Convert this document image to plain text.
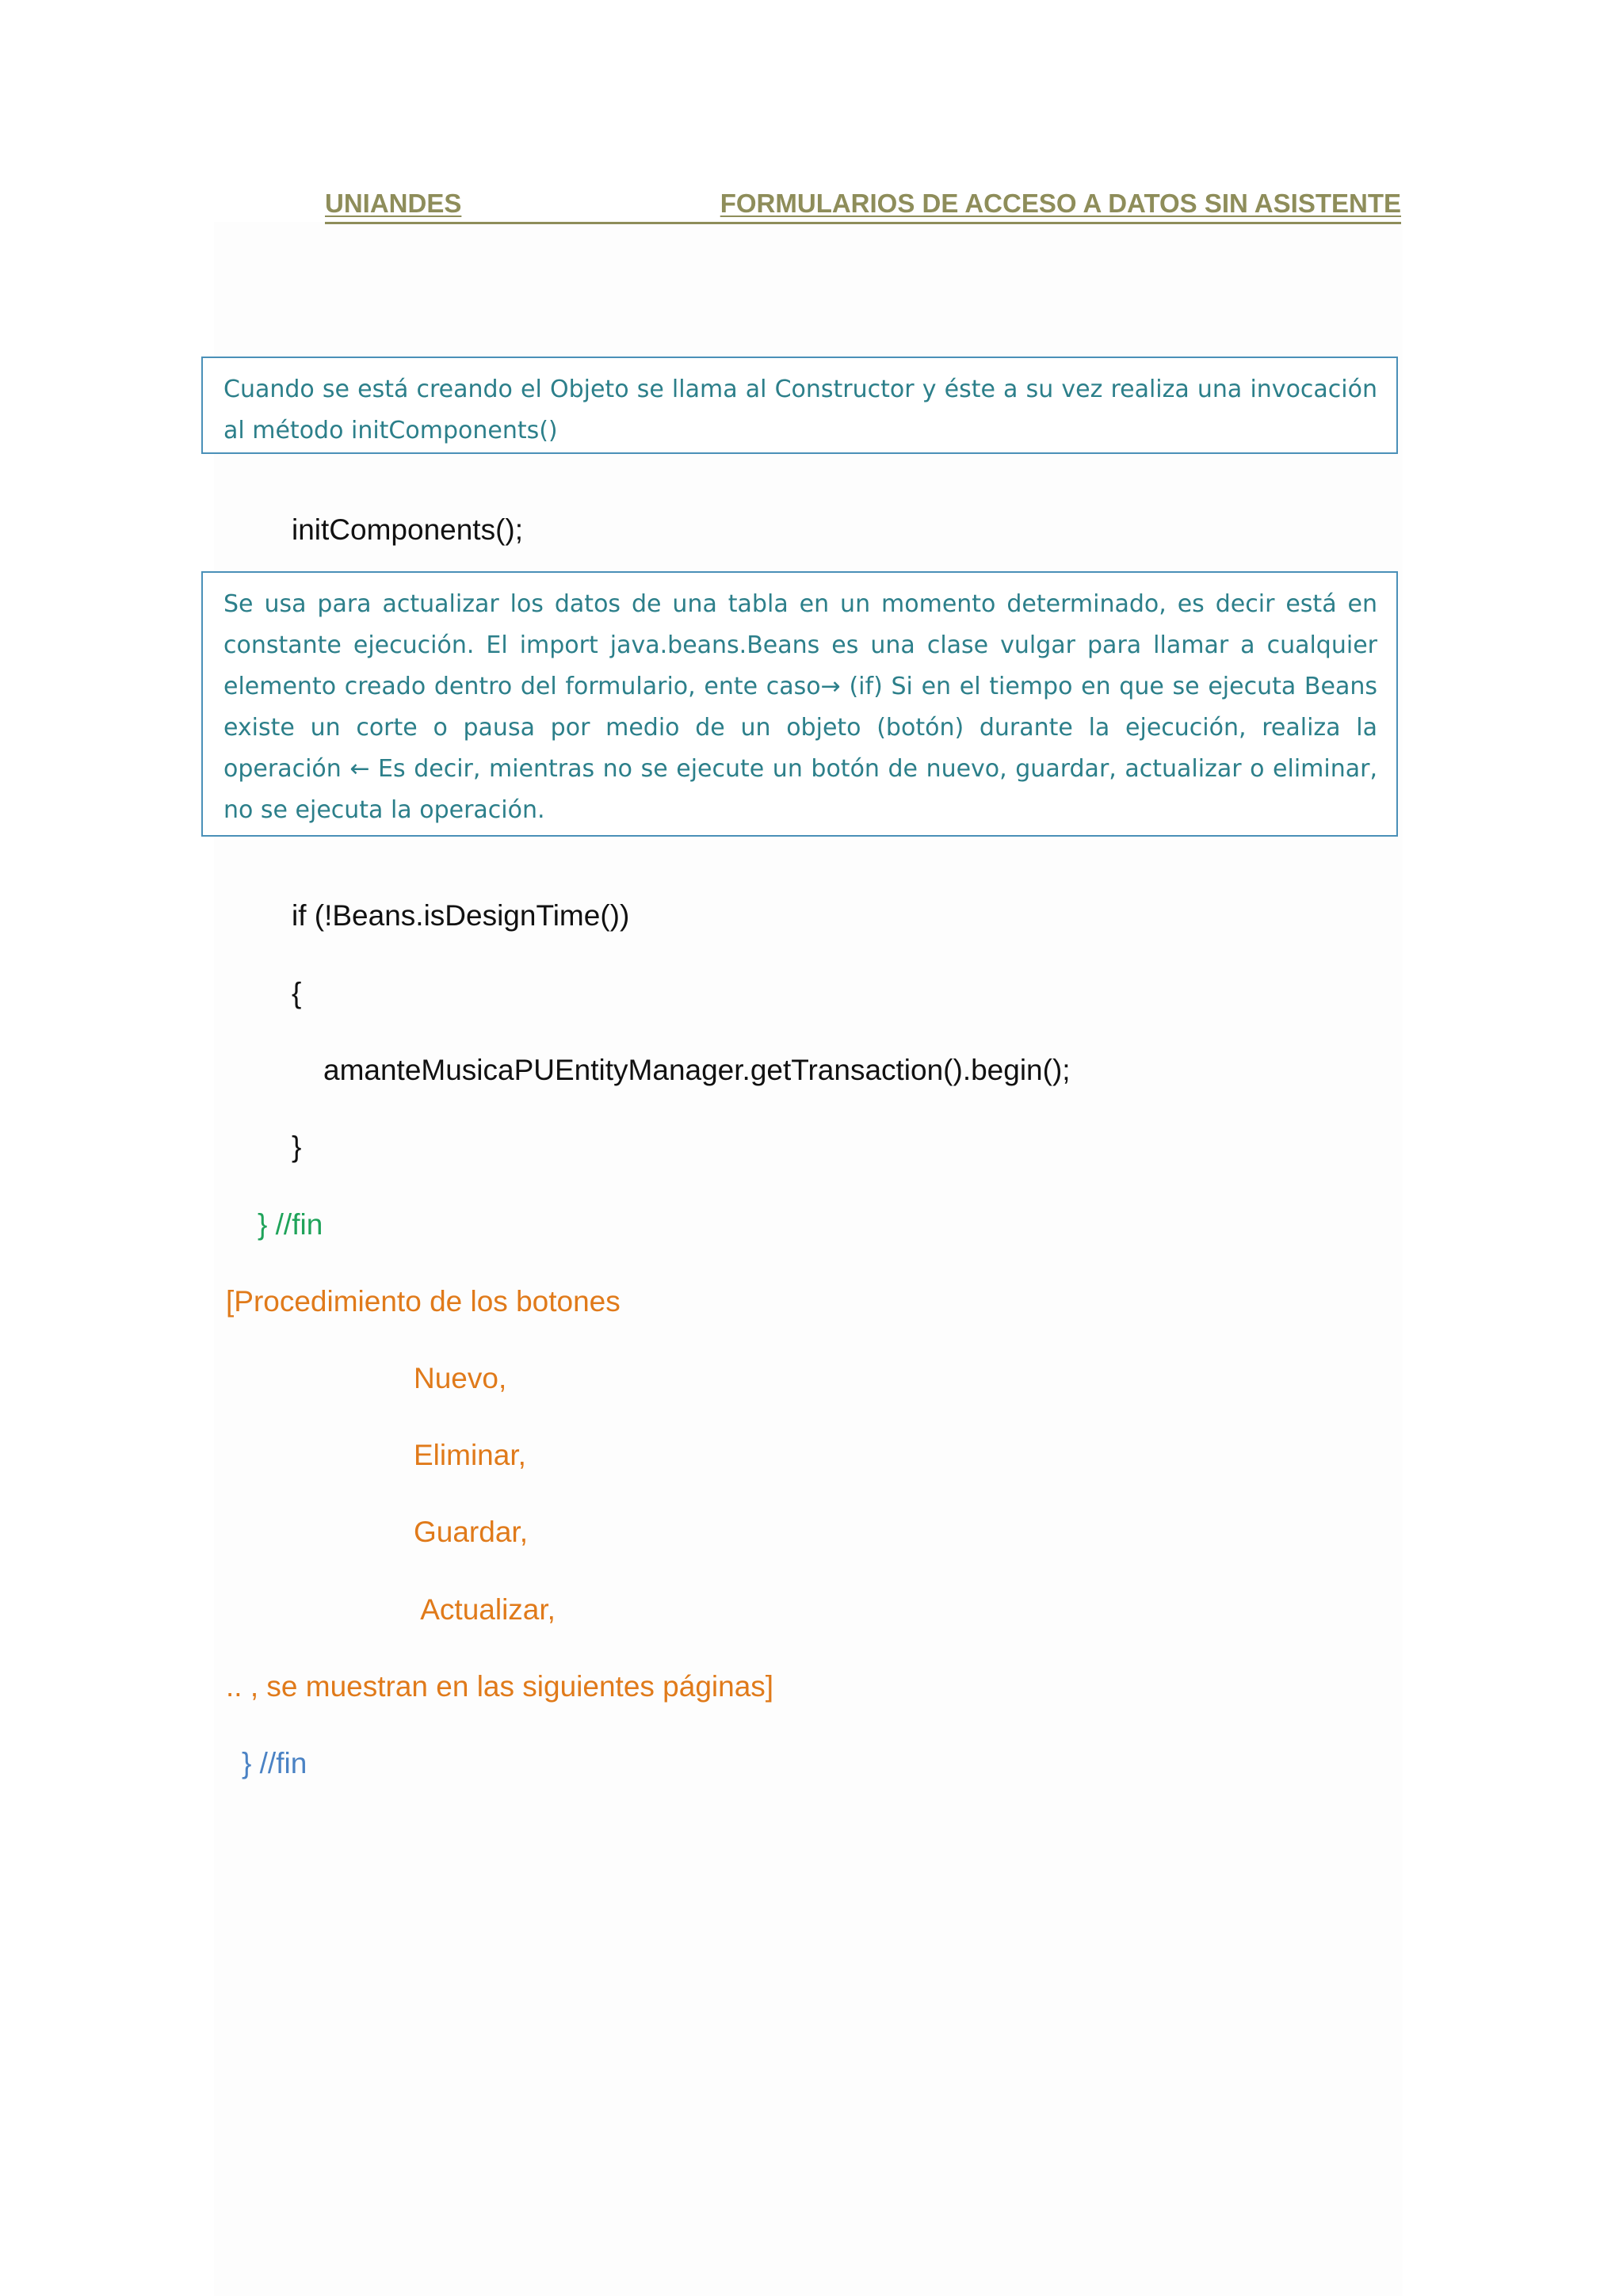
UNIANDES	FORMULARIOS DE ACCESO A DATOS SIN ASISTENTE
Cuando se está creando el Objeto se llama al Constructor y éste a su vez realiza una invocación al método initComponents()
initComponents();
Se usa para actualizar los datos de una tabla en un momento determinado, es decir está en constante ejecución. El import java.beans.Beans es una clase vulgar para llamar a cualquier elemento creado dentro del formulario, ente caso→ (if) Si en el tiempo en que se ejecuta Beans existe un corte o pausa por medio de un objeto (botón) durante la ejecución, realiza la operación ← Es decir, mientras no se ejecute un botón de nuevo, guardar, actualizar o eliminar, no se ejecuta la operación.
if (!Beans.isDesignTime())
{
amanteMusicaPUEntityManager.getTransaction().begin();
}
} //fin
[Procedimiento de los botones
Nuevo,
Eliminar,
Guardar,
Actualizar,
.. , se muestran en las siguientes páginas]
} //fin
